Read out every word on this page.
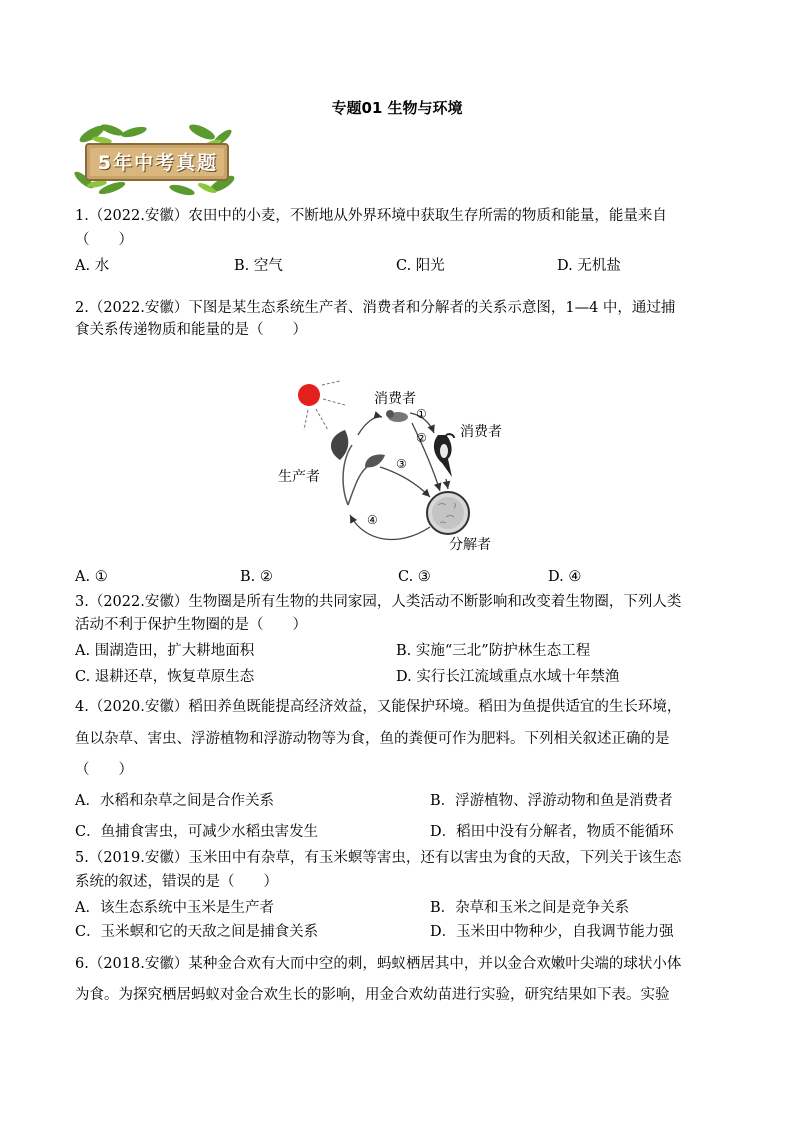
专题01 生物与环境
5年中考真题
1.（2022.安徽）农田中的小麦，不断地从外界环境中获取生存所需的物质和能量，能量来自
（　　）
A. 水	B. 空气	C. 阳光	D. 无机盐
2.（2022.安徽）下图是某生态系统生产者、消费者和分解者的关系示意图，1—4 中，通过捕
食关系传递物质和能量的是（　　）
消费者
消费者
生产者
分解者
①
②
③
④
A. ①	B. ②	C. ③	D. ④
3.（2022.安徽）生物圈是所有生物的共同家园，人类活动不断影响和改变着生物圈，下列人类
活动不利于保护生物圈的是（　　）
A. 围湖造田，扩大耕地面积	B. 实施“三北”防护林生态工程
C. 退耕还草，恢复草原生态	D. 实行长江流域重点水域十年禁渔
4.（2020.安徽）稻田养鱼既能提高经济效益，又能保护环境。稻田为鱼提供适宜的生长环境，
鱼以杂草、害虫、浮游植物和浮游动物等为食，鱼的粪便可作为肥料。下列相关叙述正确的是
（　　）
A．水稻和杂草之间是合作关系	B．浮游植物、浮游动物和鱼是消费者
C．鱼捕食害虫，可减少水稻虫害发生	D．稻田中没有分解者，物质不能循环
5.（2019.安徽）玉米田中有杂草，有玉米螟等害虫，还有以害虫为食的天敌，下列关于该生态
系统的叙述，错误的是（　　）
A．该生态系统中玉米是生产者	B．杂草和玉米之间是竞争关系
C．玉米螟和它的天敌之间是捕食关系	D．玉米田中物种少，自我调节能力强
6.（2018.安徽）某种金合欢有大而中空的刺，蚂蚁栖居其中，并以金合欢嫩叶尖端的球状小体
为食。为探究栖居蚂蚁对金合欢生长的影响，用金合欢幼苗进行实验，研究结果如下表。实验
